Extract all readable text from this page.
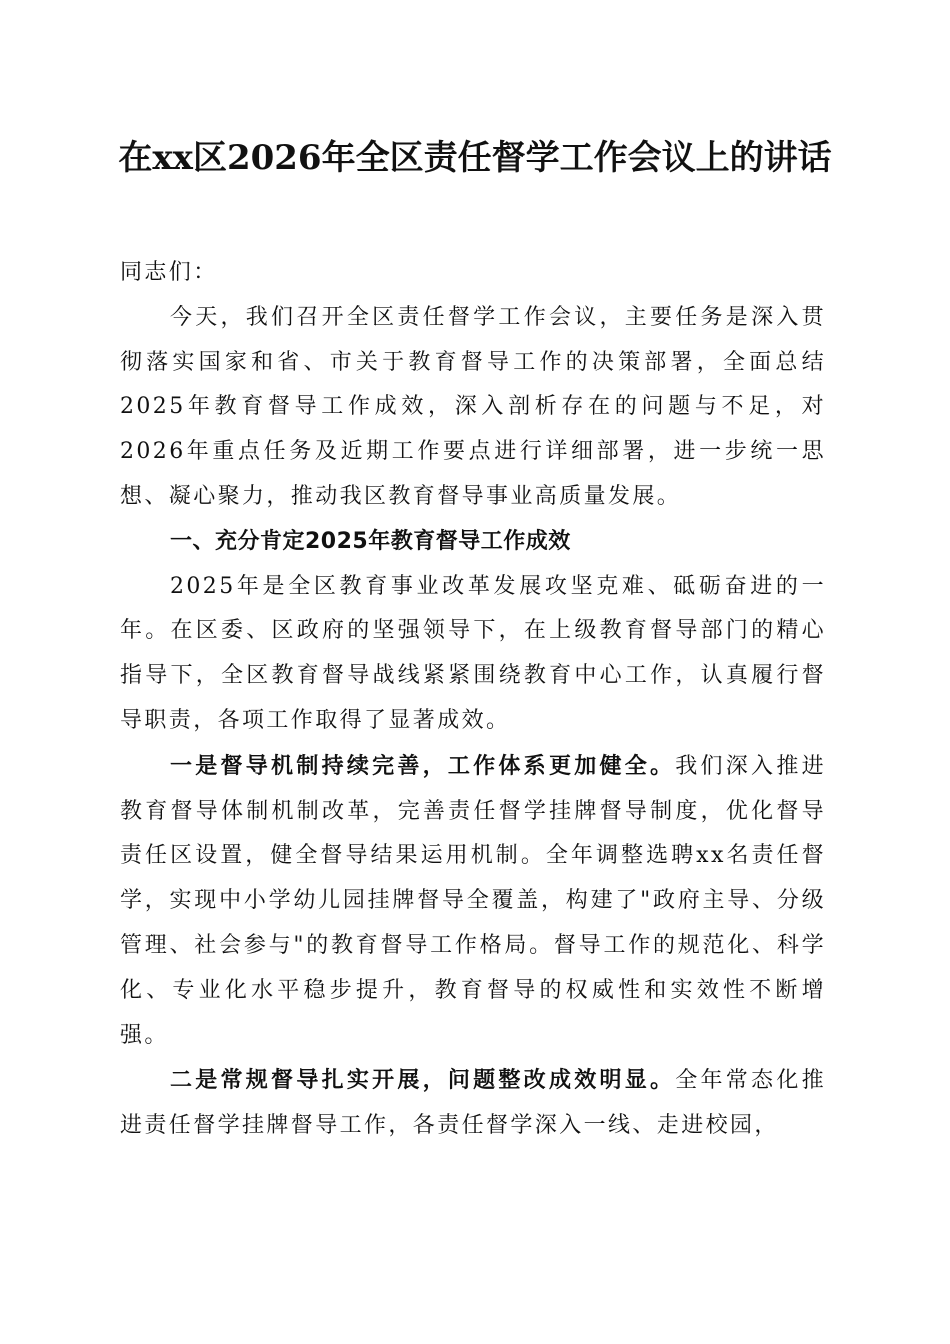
在xx区2026年全区责任督学工作会议上的讲话

同志们：

今天，我们召开全区责任督学工作会议，主要任务是深入贯彻落实国家和省、市关于教育督导工作的决策部署，全面总结2025年教育督导工作成效，深入剖析存在的问题与不足，对2026年重点任务及近期工作要点进行详细部署，进一步统一思想、凝心聚力，推动我区教育督导事业高质量发展。

一、充分肯定2025年教育督导工作成效

2025年是全区教育事业改革发展攻坚克难、砥砺奋进的一年。在区委、区政府的坚强领导下，在上级教育督导部门的精心指导下，全区教育督导战线紧紧围绕教育中心工作，认真履行督导职责，各项工作取得了显著成效。

一是督导机制持续完善，工作体系更加健全。我们深入推进教育督导体制机制改革，完善责任督学挂牌督导制度，优化督导责任区设置，健全督导结果运用机制。全年调整选聘xx名责任督学，实现中小学幼儿园挂牌督导全覆盖，构建了"政府主导、分级管理、社会参与"的教育督导工作格局。督导工作的规范化、科学化、专业化水平稳步提升，教育督导的权威性和实效性不断增强。

二是常规督导扎实开展，问题整改成效明显。全年常态化推进责任督学挂牌督导工作，各责任督学深入一线、走进校园，
